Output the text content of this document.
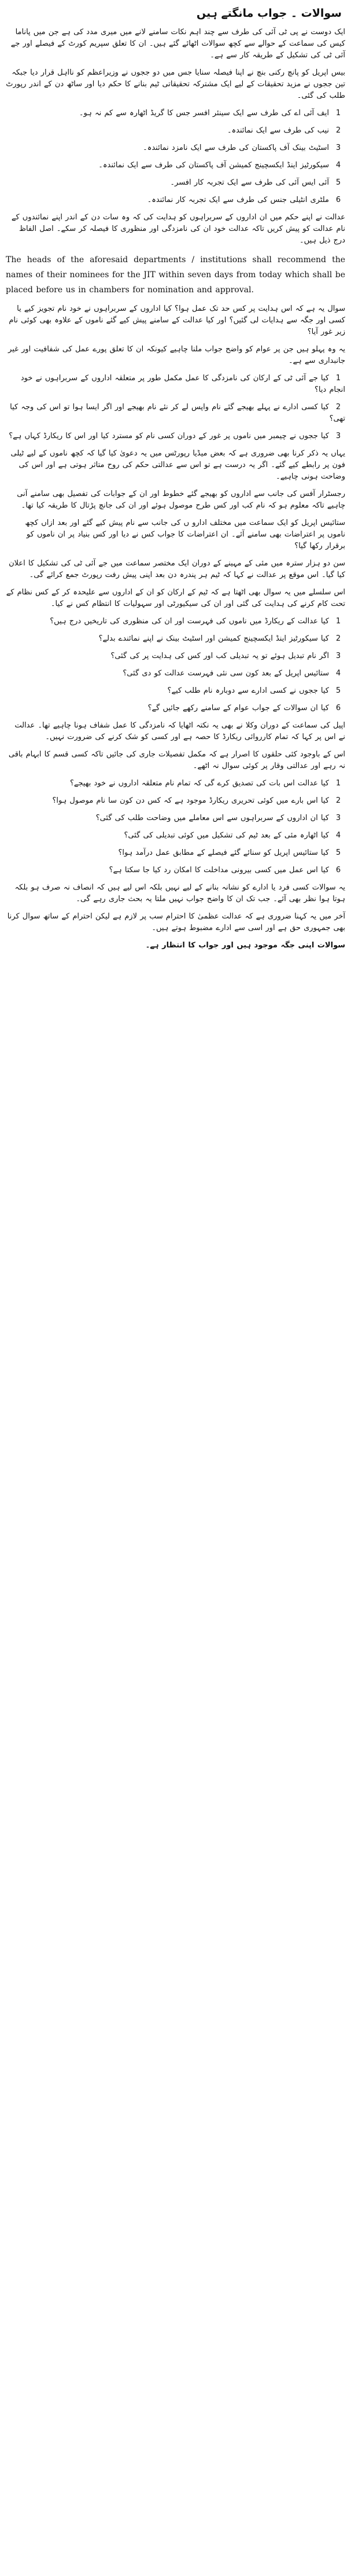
سوالات ۔ جواب مانگتے ہیں

ایک دوست نے پی ٹی آئی کی طرف سے چند اہم نکات سامنے لانے میں میری مدد کی ہے جن میں پاناما کیس کی سماعت کے حوالے سے کچھ سوالات اٹھائے گئے ہیں۔ ان کا تعلق سپریم کورٹ کے فیصلے اور جے آئی ٹی کی تشکیل کے طریقہ کار سے ہے۔

بیس اپریل کو پانچ رکنی بنچ نے اپنا فیصلہ سنایا جس میں دو ججوں نے وزیراعظم کو نااہل قرار دیا جبکہ تین ججوں نے مزید تحقیقات کے لیے ایک مشترکہ تحقیقاتی ٹیم بنانے کا حکم دیا اور ساٹھ دن کے اندر رپورٹ طلب کی گئی۔

1ایف آئی اے کی طرف سے ایک سینئر افسر جس کا گریڈ اٹھارہ سے کم نہ ہو۔
2نیب کی طرف سے ایک نمائندہ۔
3اسٹیٹ بینک آف پاکستان کی طرف سے ایک نامزد نمائندہ۔
4سیکورٹیز اینڈ ایکسچینج کمیشن آف پاکستان کی طرف سے ایک نمائندہ۔
5آئی ایس آئی کی طرف سے ایک تجربہ کار افسر۔
6ملٹری انٹیلی جنس کی طرف سے ایک تجربہ کار نمائندہ۔

عدالت نے اپنے حکم میں ان اداروں کے سربراہوں کو ہدایت کی کہ وہ سات دن کے اندر اپنے نمائندوں کے نام عدالت کو پیش کریں تاکہ عدالت خود ان کی نامزدگی اور منظوری کا فیصلہ کر سکے۔ اصل الفاظ درج ذیل ہیں۔

The heads of the aforesaid departments / institutions shall recommend the names of their nominees for the JIT within seven days from today which shall be placed before us in chambers for nomination and approval.

سوال یہ ہے کہ اس ہدایت پر کس حد تک عمل ہوا؟ کیا اداروں کے سربراہوں نے خود نام تجویز کیے یا کسی اور جگہ سے ہدایات لی گئیں؟ اور کیا عدالت کے سامنے پیش کیے گئے ناموں کے علاوہ بھی کوئی نام زیر غور آیا؟

یہ وہ پہلو ہیں جن پر عوام کو واضح جواب ملنا چاہیے کیونکہ ان کا تعلق پورے عمل کی شفافیت اور غیر جانبداری سے ہے۔

1کیا جے آئی ٹی کے ارکان کی نامزدگی کا عمل مکمل طور پر متعلقہ اداروں کے سربراہوں نے خود انجام دیا؟
2کیا کسی ادارے نے پہلے بھیجے گئے نام واپس لے کر نئے نام بھیجے اور اگر ایسا ہوا تو اس کی وجہ کیا تھی؟
3کیا ججوں نے چیمبر میں ناموں پر غور کے دوران کسی نام کو مسترد کیا اور اس کا ریکارڈ کہاں ہے؟

یہاں یہ ذکر کرنا بھی ضروری ہے کہ بعض میڈیا رپورٹس میں یہ دعویٰ کیا گیا کہ کچھ ناموں کے لیے ٹیلی فون پر رابطے کیے گئے۔ اگر یہ درست ہے تو اس سے عدالتی حکم کی روح متاثر ہوتی ہے اور اس کی وضاحت ہونی چاہیے۔

رجسٹرار آفس کی جانب سے اداروں کو بھیجے گئے خطوط اور ان کے جوابات کی تفصیل بھی سامنے آنی چاہیے تاکہ معلوم ہو کہ نام کب اور کس طرح موصول ہوئے اور ان کی جانچ پڑتال کا طریقہ کیا تھا۔

ستائیس اپریل کو ایک سماعت میں مختلف ادارو ں کی جانب سے نام پیش کیے گئے اور بعد ازاں کچھ ناموں پر اعتراضات بھی سامنے آئے۔ ان اعتراضات کا جواب کس نے دیا اور کس بنیاد پر ان ناموں کو برقرار رکھا گیا؟

سن دو ہزار سترہ میں مئی کے مہینے کے دوران ایک مختصر سماعت میں جے آئی ٹی کی تشکیل کا اعلان کیا گیا۔ اس موقع پر عدالت نے کہا کہ ٹیم ہر پندرہ دن بعد اپنی پیش رفت رپورٹ جمع کرائے گی۔

اس سلسلے میں یہ سوال بھی اٹھتا ہے کہ ٹیم کے ارکان کو ان کے اداروں سے علیحدہ کر کے کس نظام کے تحت کام کرنے کی ہدایت کی گئی اور ان کی سیکیورٹی اور سہولیات کا انتظام کس نے کیا۔

1کیا عدالت کے ریکارڈ میں ناموں کی فہرست اور ان کی منظوری کی تاریخیں درج ہیں؟
2کیا سیکورٹیز اینڈ ایکسچینج کمیشن اور اسٹیٹ بینک نے اپنے نمائندے بدلے؟
3اگر نام تبدیل ہوئے تو یہ تبدیلی کب اور کس کی ہدایت پر کی گئی؟
4ستائیس اپریل کے بعد کون سی نئی فہرست عدالت کو دی گئی؟
5کیا ججوں نے کسی ادارے سے دوبارہ نام طلب کیے؟
6کیا ان سوالات کے جواب عوام کے سامنے رکھے جائیں گے؟

اپیل کی سماعت کے دوران وکلا نے بھی یہ نکتہ اٹھایا کہ نامزدگی کا عمل شفاف ہونا چاہیے تھا۔ عدالت نے اس پر کہا کہ تمام کارروائی ریکارڈ کا حصہ ہے اور کسی کو شک کرنے کی ضرورت نہیں۔

اس کے باوجود کئی حلقوں کا اصرار ہے کہ مکمل تفصیلات جاری کی جائیں تاکہ کسی قسم کا ابہام باقی نہ رہے اور عدالتی وقار پر کوئی سوال نہ اٹھے۔

1کیا عدالت اس بات کی تصدیق کرے گی کہ تمام نام متعلقہ اداروں نے خود بھیجے؟
2کیا اس بارے میں کوئی تحریری ریکارڈ موجود ہے کہ کس دن کون سا نام موصول ہوا؟
3کیا ان اداروں کے سربراہوں سے اس معاملے میں وضاحت طلب کی گئی؟
4کیا اٹھارہ مئی کے بعد ٹیم کی تشکیل میں کوئی تبدیلی کی گئی؟
5کیا ستائیس اپریل کو سنائے گئے فیصلے کے مطابق عمل درآمد ہوا؟
6کیا اس عمل میں کسی بیرونی مداخلت کا امکان رد کیا جا سکتا ہے؟

یہ سوالات کسی فرد یا ادارے کو نشانہ بنانے کے لیے نہیں بلکہ اس لیے ہیں کہ انصاف نہ صرف ہو بلکہ ہوتا ہوا نظر بھی آئے۔ جب تک ان کا واضح جواب نہیں ملتا یہ بحث جاری رہے گی۔

آخر میں یہ کہنا ضروری ہے کہ عدالت عظمیٰ کا احترام سب پر لازم ہے لیکن احترام کے ساتھ سوال کرنا بھی جمہوری حق ہے اور اسی سے ادارے مضبوط ہوتے ہیں۔

سوالات اپنی جگہ موجود ہیں اور جواب کا انتظار ہے۔
